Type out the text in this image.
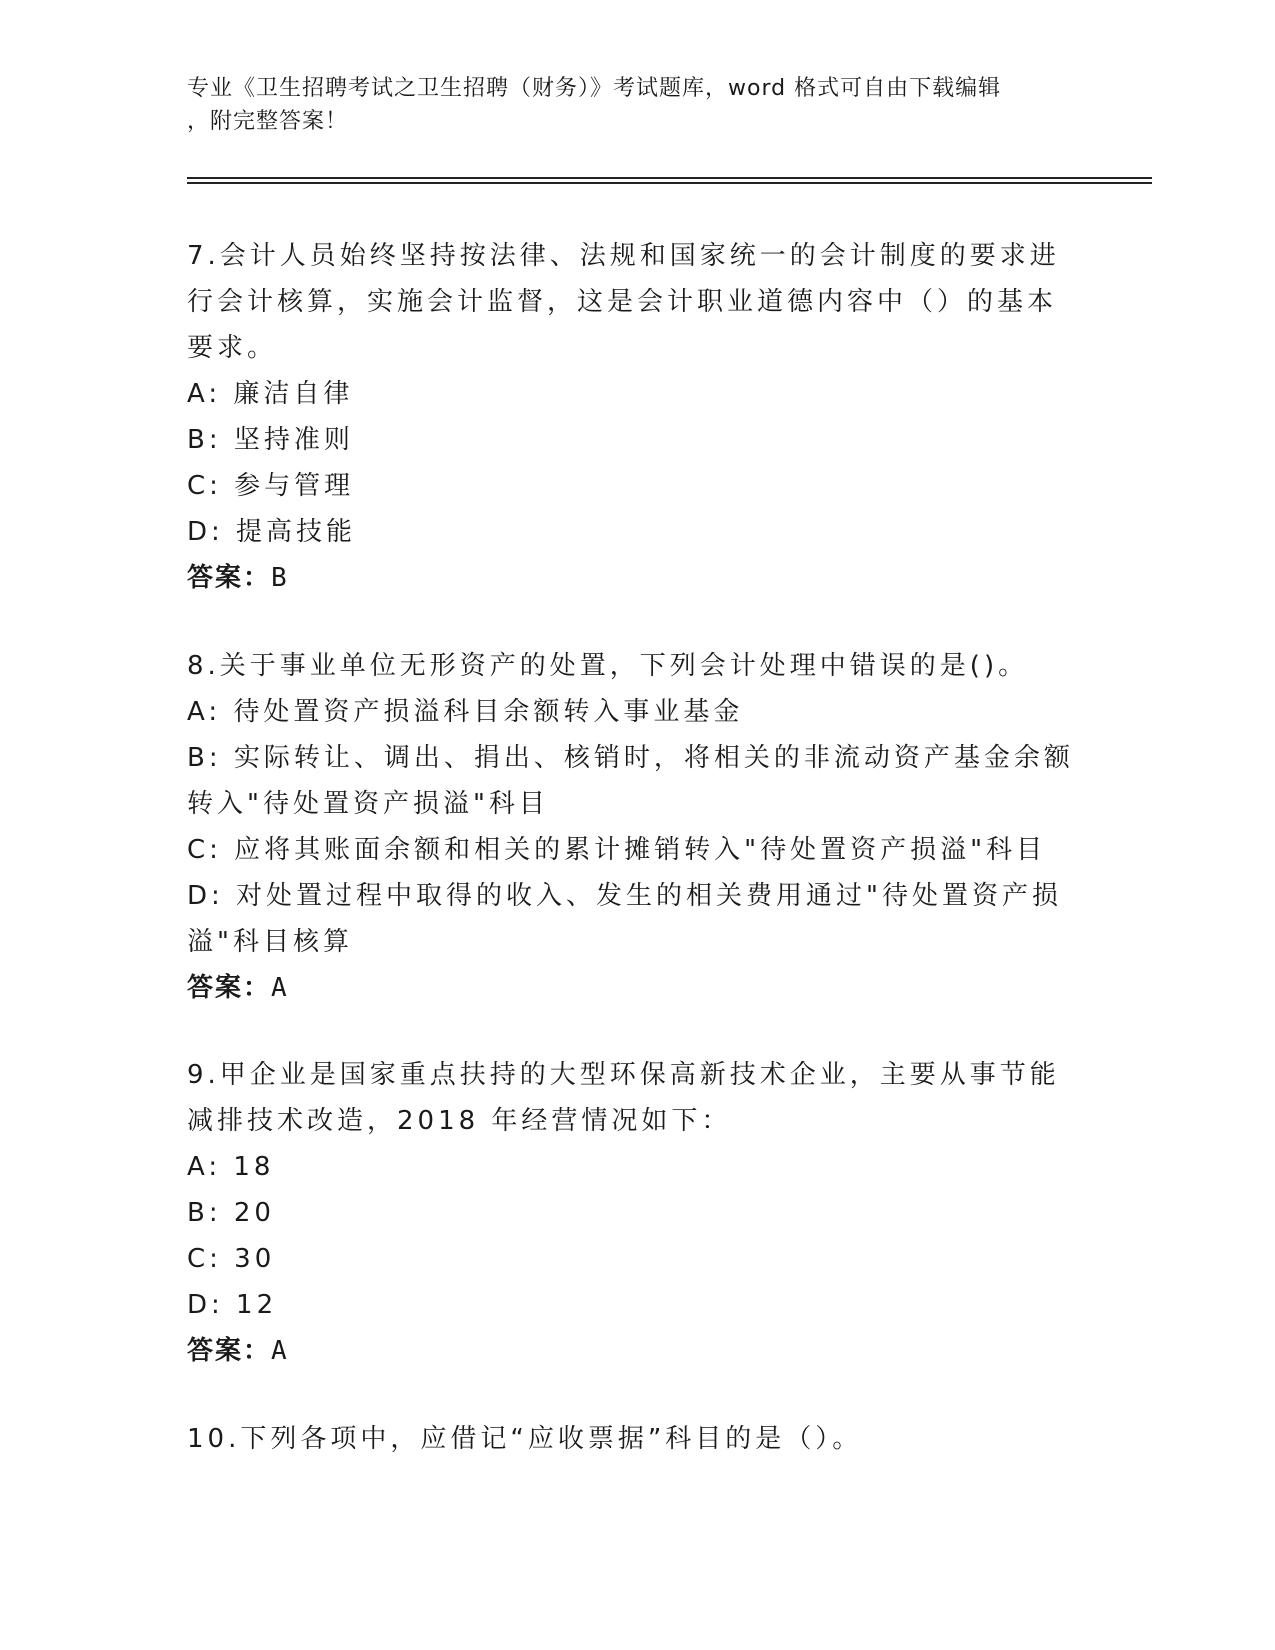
专业《卫生招聘考试之卫生招聘（财务）》考试题库，word 格式可自由下载编辑
，附完整答案！

7.会计人员始终坚持按法律、法规和国家统一的会计制度的要求进行会计核算，实施会计监督，这是会计职业道德内容中（）的基本要求。

A: 廉洁自律

B: 坚持准则

C: 参与管理

D: 提高技能

答案：B

8.关于事业单位无形资产的处置，下列会计处理中错误的是()。

A: 待处置资产损溢科目余额转入事业基金

B: 实际转让、调出、捐出、核销时，将相关的非流动资产基金余额转入"待处置资产损溢"科目

C: 应将其账面余额和相关的累计摊销转入"待处置资产损溢"科目

D: 对处置过程中取得的收入、发生的相关费用通过"待处置资产损溢"科目核算

答案：A

9.甲企业是国家重点扶持的大型环保高新技术企业，主要从事节能减排技术改造，2018 年经营情况如下：

A: 18

B: 20

C: 30

D: 12

答案：A

10.下列各项中，应借记“应收票据”科目的是（）。
